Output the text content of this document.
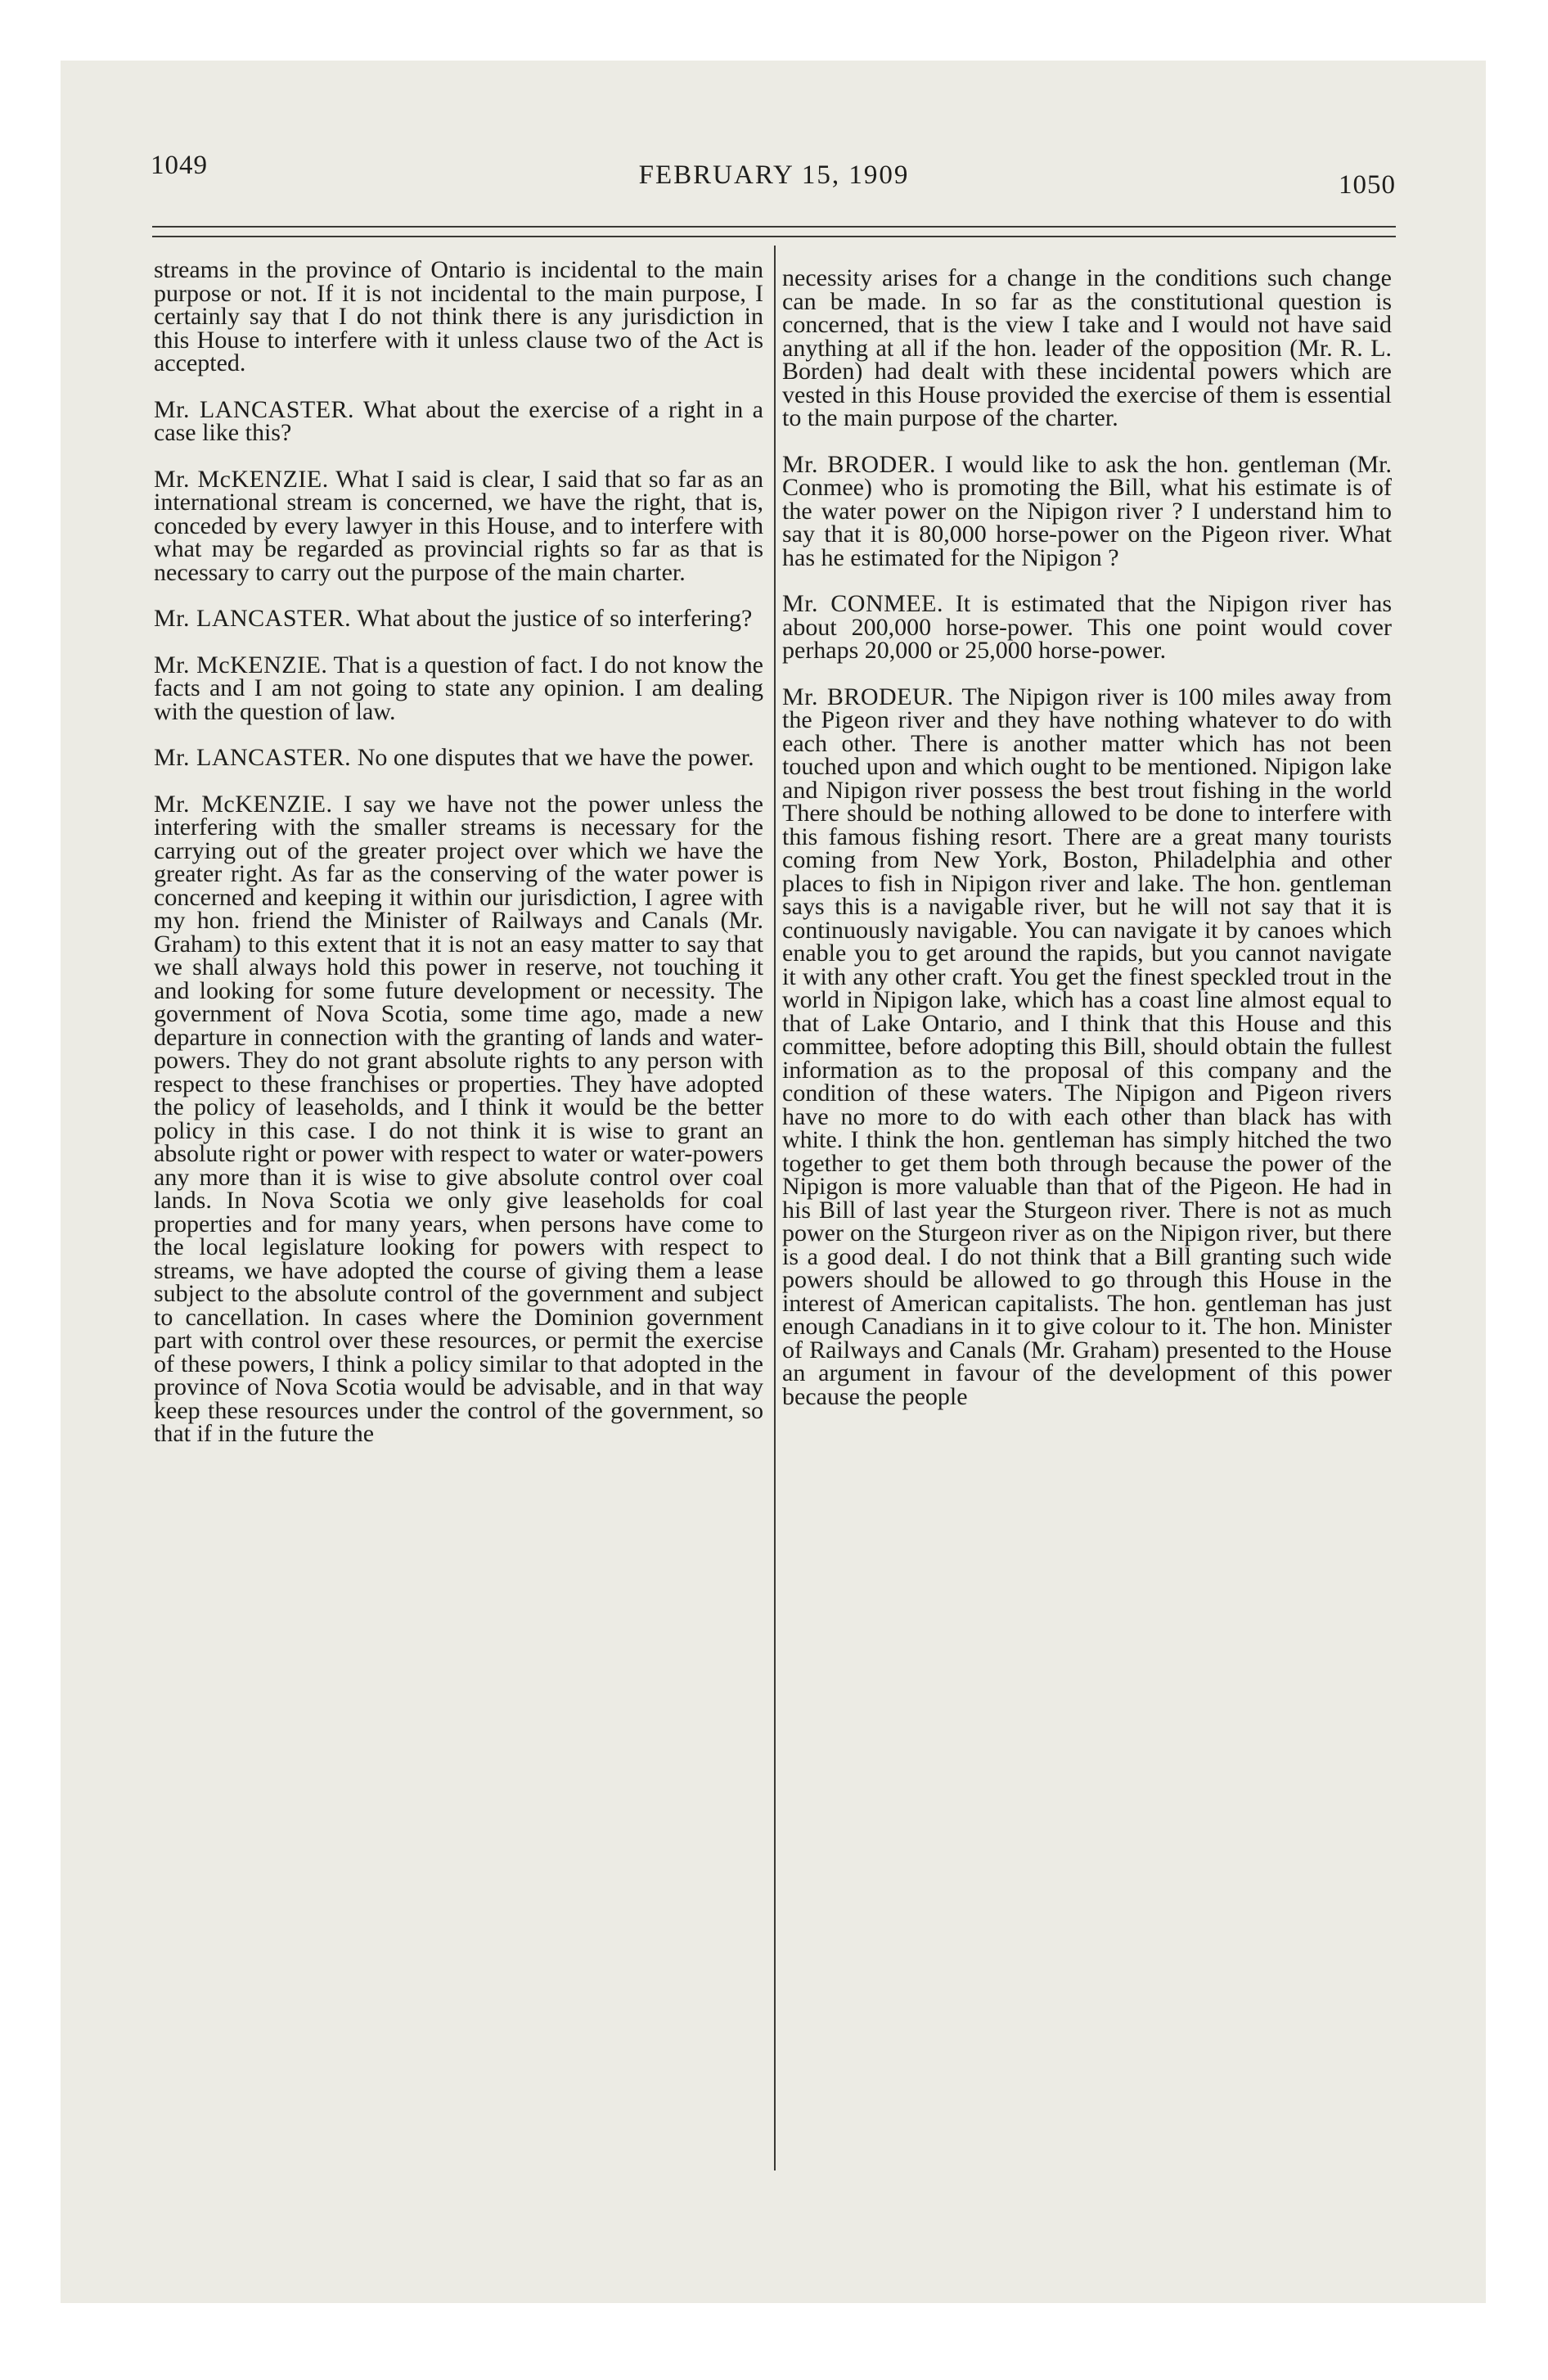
1049	FEBRUARY 15, 1909	1050

streams in the province of Ontario is incidental to the main purpose or not. If it is not incidental to the main purpose, I certainly say that I do not think there is any jurisdiction in this House to interfere with it unless clause two of the Act is accepted.

Mr. LANCASTER. What about the exercise of a right in a case like this?

Mr. McKENZIE. What I said is clear, I said that so far as an international stream is concerned, we have the right, that is, conceded by every lawyer in this House, and to interfere with what may be regarded as provincial rights so far as that is necessary to carry out the purpose of the main charter.

Mr. LANCASTER. What about the justice of so interfering?

Mr. McKENZIE. That is a question of fact. I do not know the facts and I am not going to state any opinion. I am dealing with the question of law.

Mr. LANCASTER. No one disputes that we have the power.

Mr. McKENZIE. I say we have not the power unless the interfering with the smaller streams is necessary for the carrying out of the greater project over which we have the greater right. As far as the conserving of the water power is concerned and keeping it within our jurisdiction, I agree with my hon. friend the Minister of Railways and Canals (Mr. Graham) to this extent that it is not an easy matter to say that we shall always hold this power in reserve, not touching it and looking for some future development or necessity. The government of Nova Scotia, some time ago, made a new departure in connection with the granting of lands and water-powers. They do not grant absolute rights to any person with respect to these franchises or properties. They have adopted the policy of leaseholds, and I think it would be the better policy in this case. I do not think it is wise to grant an absolute right or power with respect to water or water-powers any more than it is wise to give absolute control over coal lands. In Nova Scotia we only give leaseholds for coal properties and for many years, when persons have come to the local legislature looking for powers with respect to streams, we have adopted the course of giving them a lease subject to the absolute control of the government and subject to cancellation. In cases where the Dominion government part with control over these resources, or permit the exercise of these powers, I think a policy similar to that adopted in the province of Nova Scotia would be advisable, and in that way keep these resources under the control of the government, so that if in the future the

necessity arises for a change in the conditions such change can be made. In so far as the constitutional question is concerned, that is the view I take and I would not have said anything at all if the hon. leader of the opposition (Mr. R. L. Borden) had dealt with these incidental powers which are vested in this House provided the exercise of them is essential to the main purpose of the charter.

Mr. BRODER. I would like to ask the hon. gentleman (Mr. Conmee) who is promoting the Bill, what his estimate is of the water power on the Nipigon river ? I understand him to say that it is 80,000 horse-power on the Pigeon river. What has he estimated for the Nipigon ?

Mr. CONMEE. It is estimated that the Nipigon river has about 200,000 horse-power. This one point would cover perhaps 20,000 or 25,000 horse-power.

Mr. BRODEUR. The Nipigon river is 100 miles away from the Pigeon river and they have nothing whatever to do with each other. There is another matter which has not been touched upon and which ought to be mentioned. Nipigon lake and Nipigon river possess the best trout fishing in the world There should be nothing allowed to be done to interfere with this famous fishing resort. There are a great many tourists coming from New York, Boston, Philadelphia and other places to fish in Nipigon river and lake. The hon. gentleman says this is a navigable river, but he will not say that it is continuously navigable. You can navigate it by canoes which enable you to get around the rapids, but you cannot navigate it with any other craft. You get the finest speckled trout in the world in Nipigon lake, which has a coast line almost equal to that of Lake Ontario, and I think that this House and this committee, before adopting this Bill, should obtain the fullest information as to the proposal of this company and the condition of these waters. The Nipigon and Pigeon rivers have no more to do with each other than black has with white. I think the hon. gentleman has simply hitched the two together to get them both through because the power of the Nipigon is more valuable than that of the Pigeon. He had in his Bill of last year the Sturgeon river. There is not as much power on the Sturgeon river as on the Nipigon river, but there is a good deal. I do not think that a Bill granting such wide powers should be allowed to go through this House in the interest of American capitalists. The hon. gentleman has just enough Canadians in it to give colour to it. The hon. Minister of Railways and Canals (Mr. Graham) presented to the House an argument in favour of the development of this power because the people
